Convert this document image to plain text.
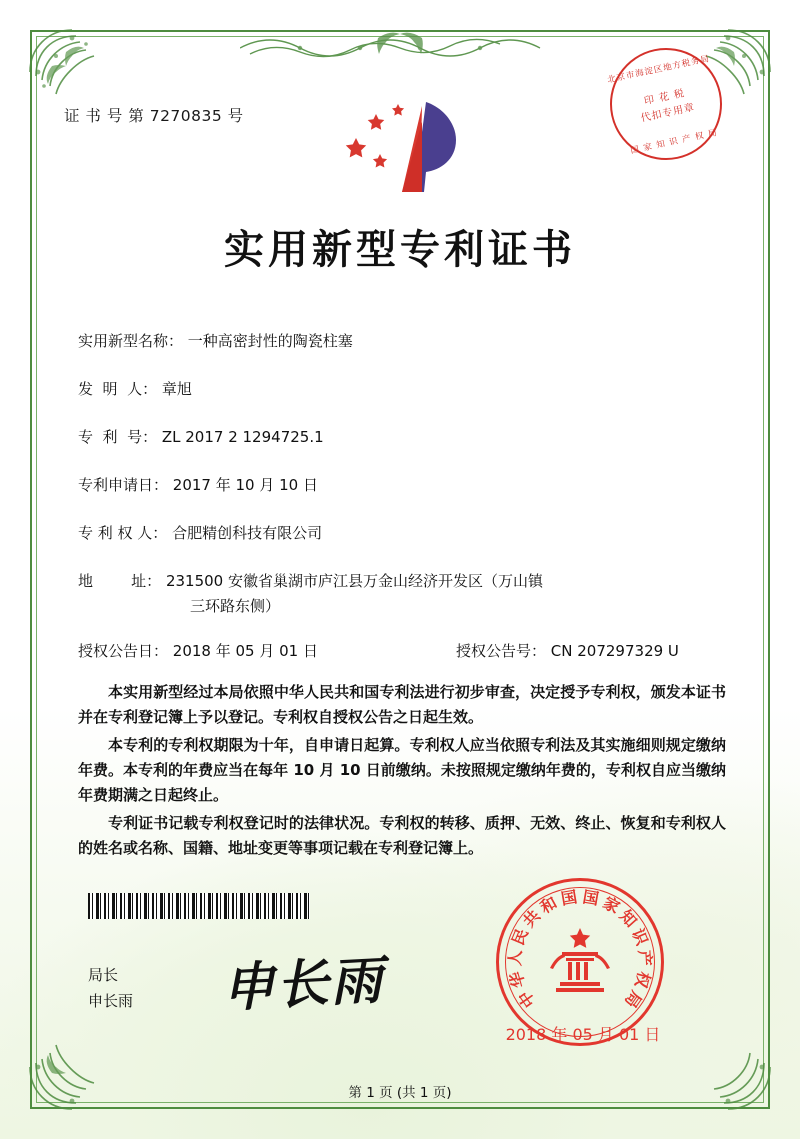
证 书 号 第 7270835 号
北京市海淀区地方税务局
印 花 税
代扣专用章
国 家 知 识 产 权 局
实用新型专利证书
实用新型名称： 一种高密封性的陶瓷柱塞
发  明  人： 章旭
专  利  号： ZL 2017 2 1294725.1
专利申请日： 2017 年 10 月 10 日
专 利 权 人： 合肥精创科技有限公司
地        址： 231500 安徽省巢湖市庐江县万金山经济开发区（万山镇
三环路东侧）
授权公告日： 2018 年 05 月 01 日	授权公告号： CN 207297329 U

本实用新型经过本局依照中华人民共和国专利法进行初步审查，决定授予专利权，颁发本证书并在专利登记簿上予以登记。专利权自授权公告之日起生效。

本专利的专利权期限为十年，自申请日起算。专利权人应当依照专利法及其实施细则规定缴纳年费。本专利的年费应当在每年 10 月 10 日前缴纳。未按照规定缴纳年费的，专利权自应当缴纳年费期满之日起终止。

专利证书记载专利权登记时的法律状况。专利权的转移、质押、无效、终止、恢复和专利权人的姓名或名称、国籍、地址变更等事项记载在专利登记簿上。

局长
申长雨 申长雨	中
华
人
民
共
和 国 国 家
知
识
产
权
局
2018 年 05 月 01 日
第 1 页 (共 1 页)
